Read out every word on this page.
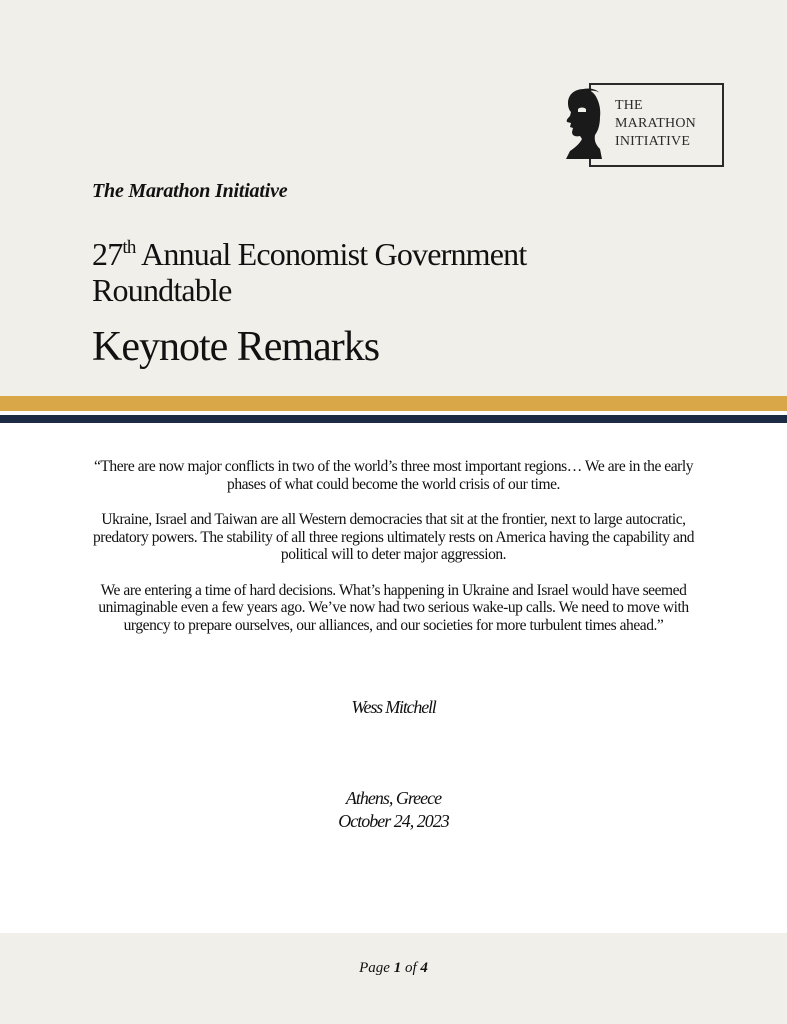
THE
MARATHON
INITIATIVE
The Marathon Initiative
27th Annual Economist Government Roundtable
Keynote Remarks

“There are now major conflicts in two of the world’s three most important regions… We are in the early phases of what could become the world crisis of our time.

Ukraine, Israel and Taiwan are all Western democracies that sit at the frontier, next to large autocratic, predatory powers. The stability of all three regions ultimately rests on America having the capability and political will to deter major aggression.

We are entering a time of hard decisions. What’s happening in Ukraine and Israel would have seemed unimaginable even a few years ago. We’ve now had two serious wake-up calls. We need to move with urgency to prepare ourselves, our alliances, and our societies for more turbulent times ahead.”

Wess Mitchell
Athens, Greece
October 24, 2023
Page 1 of 4
